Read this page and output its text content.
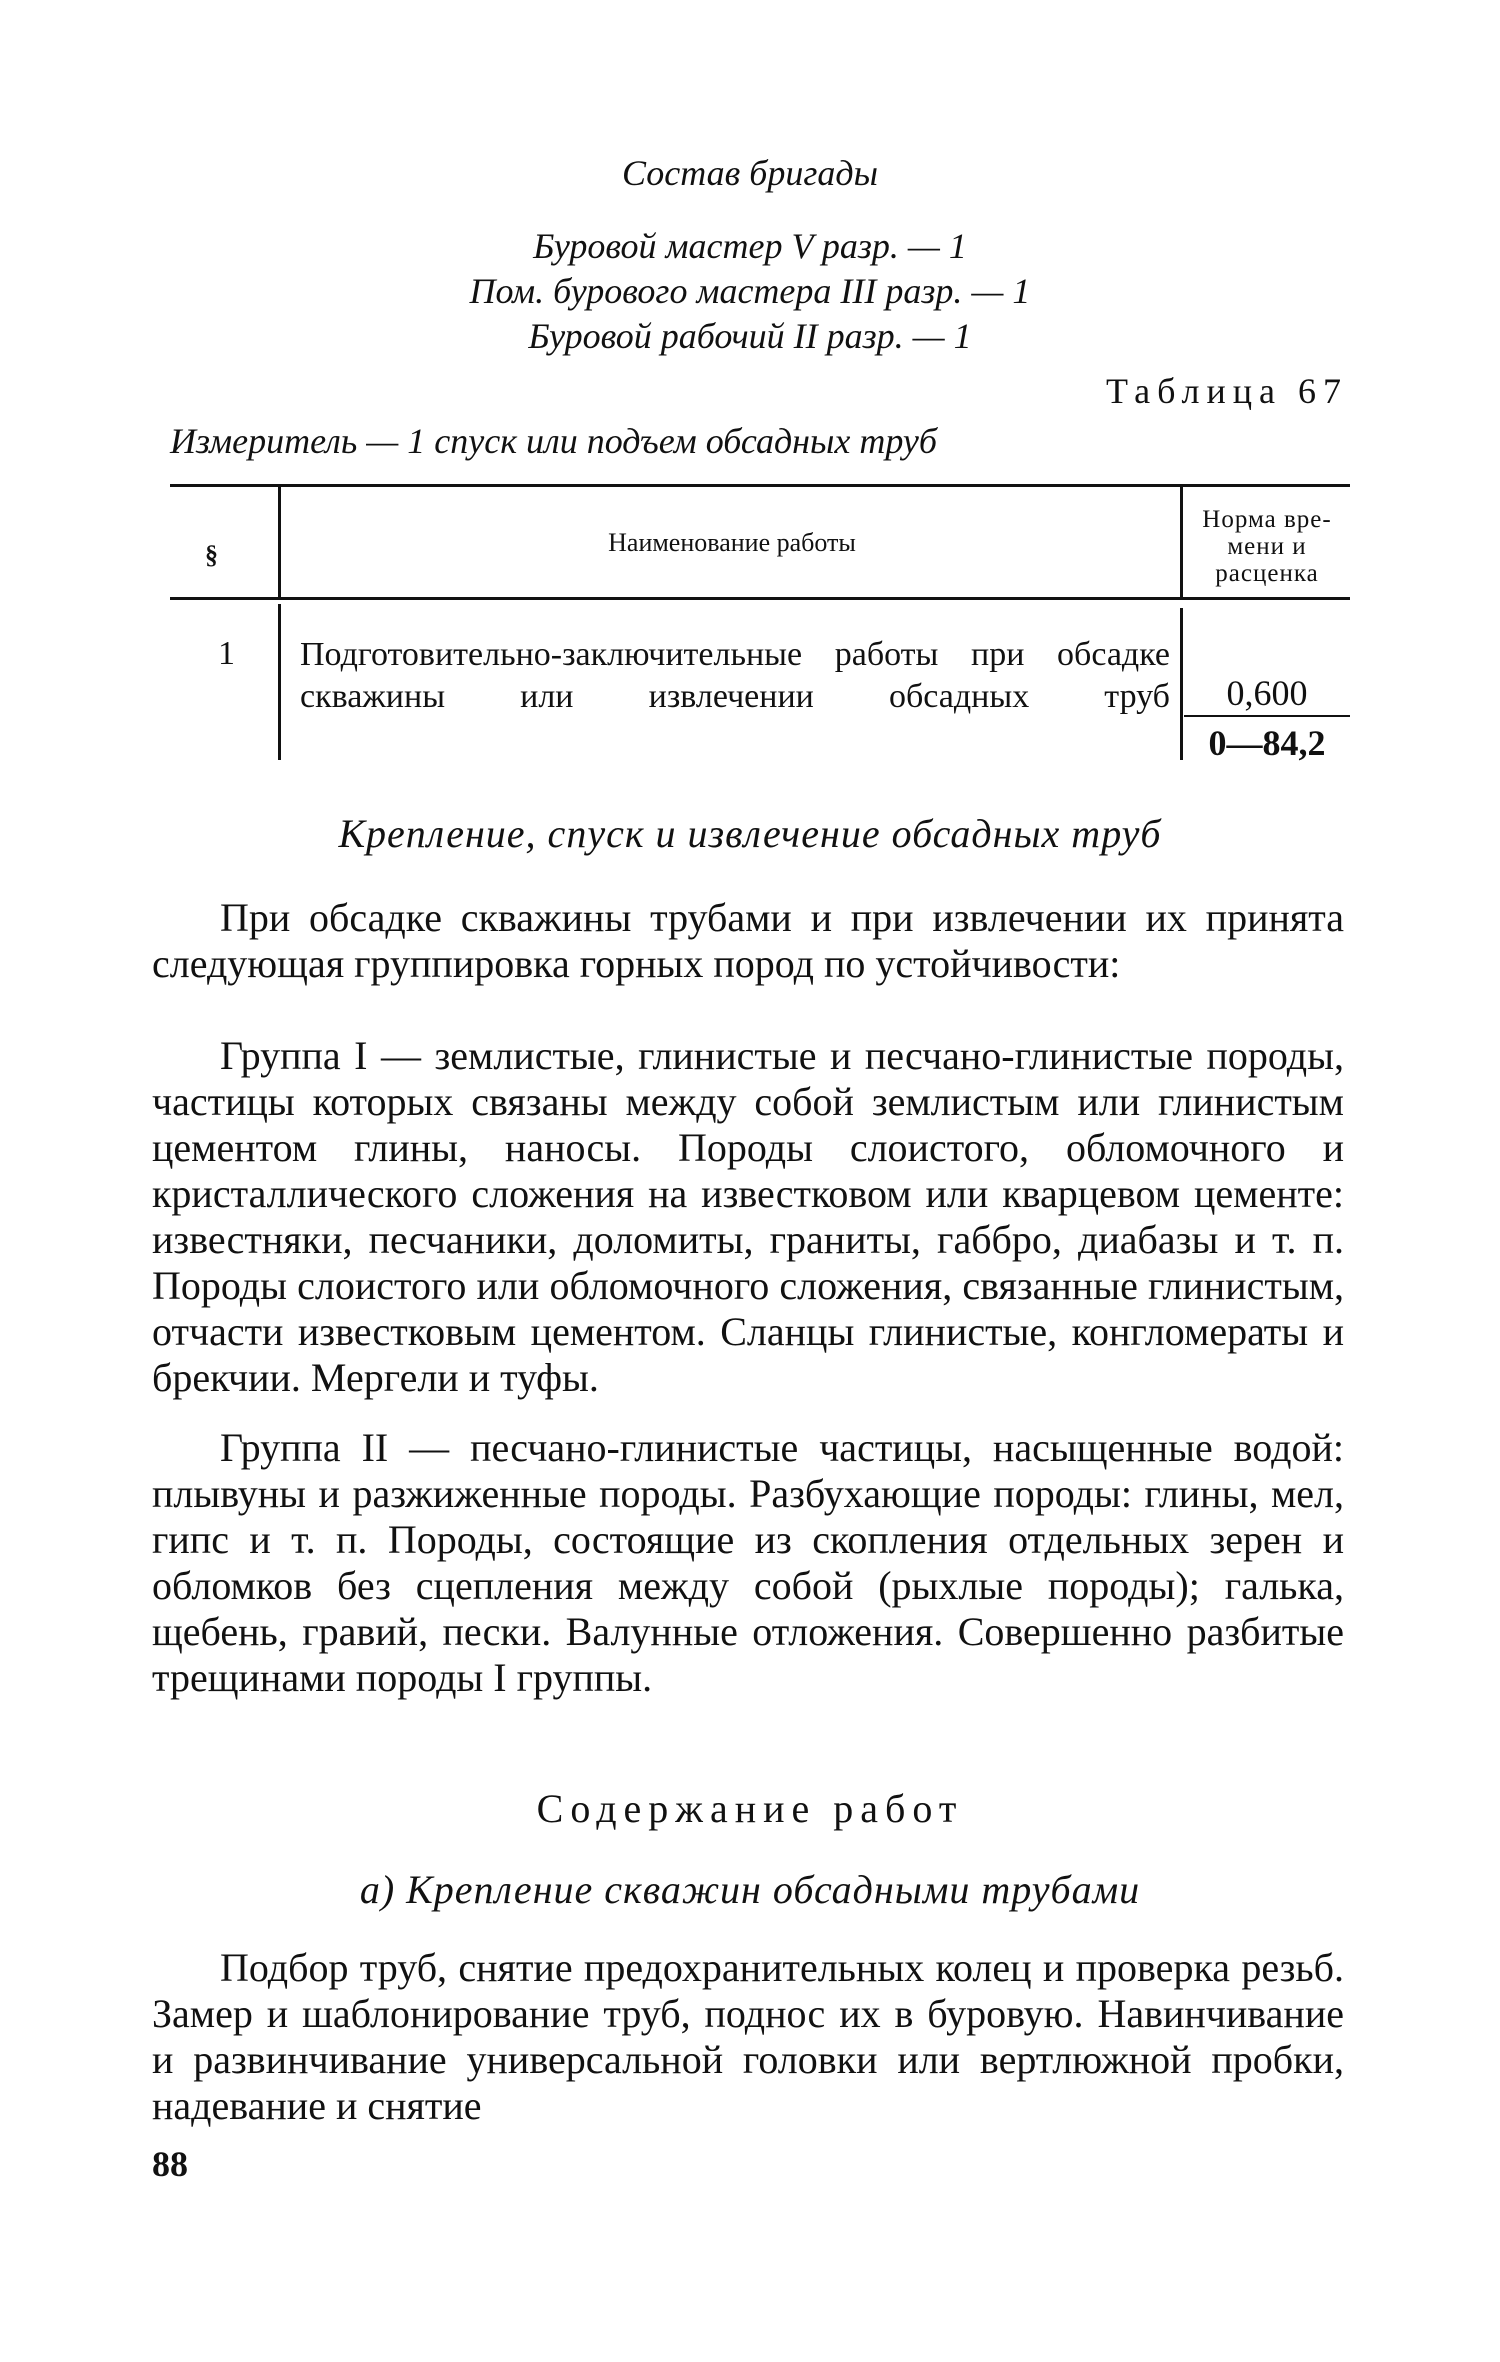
Состав бригады
Буровой мастер V разр. — 1
Пом. бурового мастера III разр. — 1
Буровой рабочий II разр. — 1
Таблица 67
Измеритель — 1 спуск или подъем обсадных труб
§	Наименование работы
Норма вре-
мени и
расценка
1 Подготовительно-заключительные работы при обсадке скважины или извлечении обсадных труб	0,600
0—84,2
Крепление, спуск и извлечение обсадных труб

При обсадке скважины трубами и при извлечении их принята следующая группировка горных пород по устойчивости:

Группа I — землистые, глинистые и песчано-глинистые породы, частицы которых связаны между собой землистым или глинистым цементом глины, наносы. Породы слоистого, обломочного и кристаллического сложения на известковом или кварцевом цементе: известняки, песчаники, доломиты, граниты, габбро, диабазы и т. п. Породы слоистого или обломочного сложения, связанные глинистым, отчасти известковым цементом. Сланцы глинистые, конгломераты и брекчии. Мергели и туфы.

Группа II — песчано-глинистые частицы, насыщенные водой: плывуны и разжиженные породы. Разбухающие породы: глины, мел, гипс и т. п. Породы, состоящие из скопления отдельных зерен и обломков без сцепления между собой (рыхлые породы); галька, щебень, гравий, пески. Валунные отложения. Совершенно разбитые трещинами породы I группы.

Содержание работ
а) Крепление скважин обсадными трубами

Подбор труб, снятие предохранительных колец и проверка резьб. Замер и шаблонирование труб, поднос их в буровую. Навинчивание и развинчивание универсальной головки или вертлюжной пробки, надевание и снятие

88
